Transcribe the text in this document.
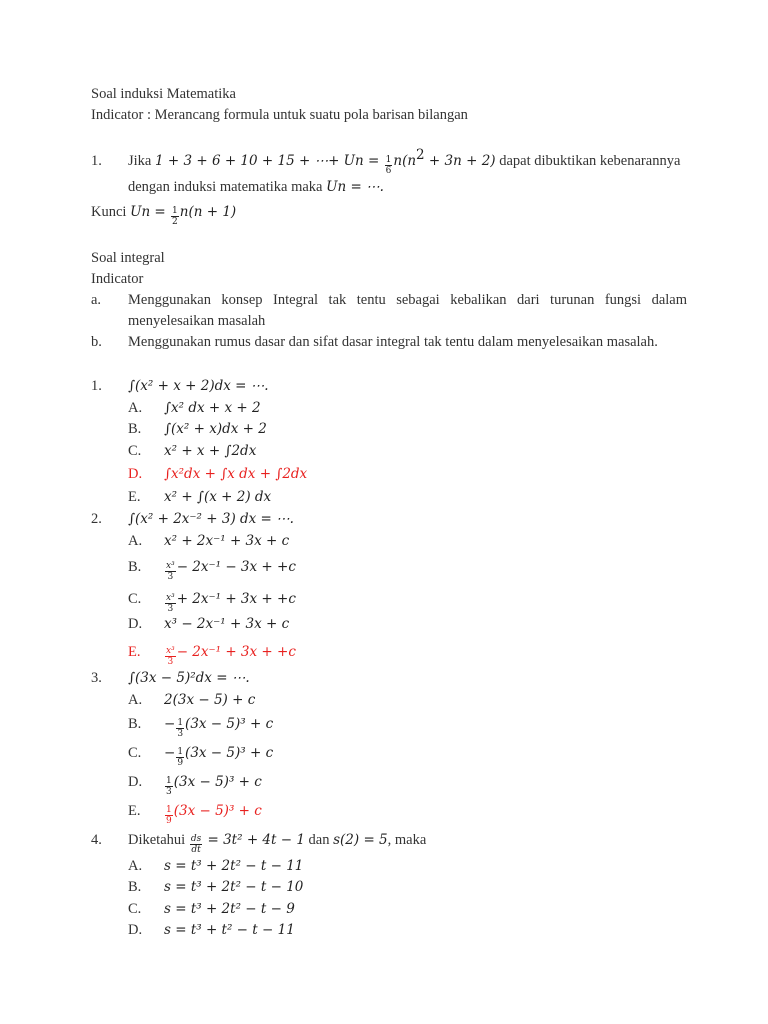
Soal induksi Matematika
Indicator : Merancang formula untuk suatu pola barisan bilangan
1. Jika 1 + 3 + 6 + 10 + 15 + ⋯+ $Un = \frac{1}{6} n(n^2 + 3n + 2)$ dapat dibuktikan kebenarannya
dengan induksi matematika maka Un = ⋯.
Kunci $Un = \frac{1}{2} n(n + 1)$
Soal integral
Indicator
a. Menggunakan konsep Integral tak tentu sebagai kebalikan dari turunan fungsi dalam
menyelesaikan masalah
b. Menggunakan rumus dasar dan sifat dasar integral tak tentu dalam menyelesaikan masalah.
1. ∫(x² + x + 2)dx = ⋯.
A. ∫x² dx + x + 2
B. ∫(x² + x)dx + 2
C. x² + x + ∫2dx
D. ∫x²dx + ∫x dx + ∫2dx
E. x² + ∫(x + 2) dx
2. ∫(x² + 2x⁻² + 3) dx = ⋯.
A. x² + 2x⁻¹ + 3x + c
B.	$\frac{\text{x³}}{3} - 2x^{-1} - 3x + +c$
C.	$\frac{\text{x³}}{3} + 2x^{-1} + 3x + +c$
D. x³ − 2x⁻¹ + 3x + c
E.	$\frac{\text{x³}}{3} - 2x^{-1} + 3x + +c$
3. ∫(3x − 5)²dx = ⋯.
A. 2(3x − 5) + c
B. − $\frac{1}{3} (3x - 5)^3 + c$
C. − $\frac{1}{9} (3x - 5)^3 + c$
D.	$\frac{1}{3} (3x - 5)^3 + c$
E.	$\frac{1}{9} (3x - 5)^3 + c$
4. Diketahui $\frac{ds}{dt} = 3t^2 + 4t - 1$ dan s(2) = 5, maka
A. s = t³ + 2t² − t − 11
B. s = t³ + 2t² − t − 10
C. s = t³ + 2t² − t − 9
D. s = t³ + t² − t − 11
